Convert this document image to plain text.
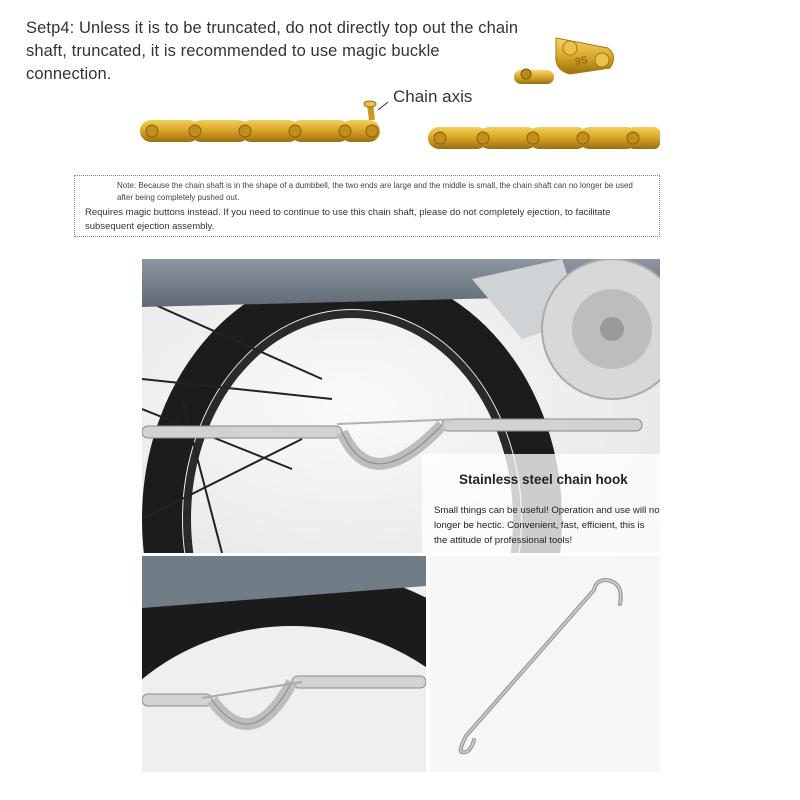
Setp4: Unless it is to be truncated, do not directly top out the chain shaft, truncated, it is recommended to use magic buckle connection.
9S
Chain axis
Note: Because the chain shaft is in the shape of a dumbbell, the two ends are large and the middle is small, the chain shaft can no longer be used after being completely pushed out.
Requires magic buttons instead. If you need to continue to use this chain shaft, please do not completely ejection, to facilitate subsequent ejection assembly.
Stainless steel chain hook
Small things can be useful! Operation and use will no longer be hectic. Convenient, fast, efficient, this is the attitude of professional tools!
